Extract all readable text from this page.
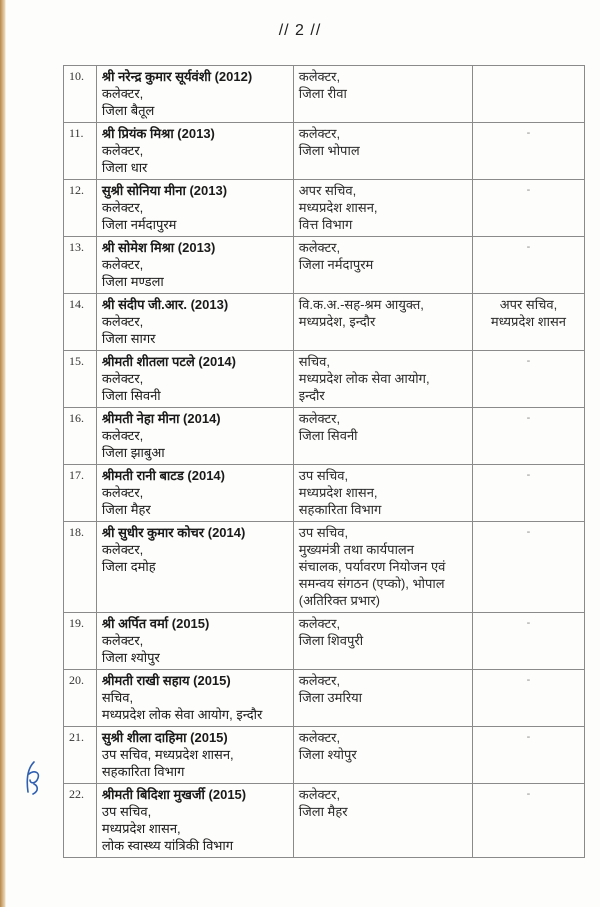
// 2 //
10.	श्री नरेन्द्र कुमार सूर्यवंशी (2012)
कलेक्टर,
जिला बैतूल	कलेक्टर,
जिला रीवा	

11.	श्री प्रियंक मिश्रा (2013)
कलेक्टर,
जिला धार	कलेक्टर,
जिला भोपाल	-

12.	सुश्री सोनिया मीना (2013)
कलेक्टर,
जिला नर्मदापुरम	अपर सचिव,
मध्यप्रदेश शासन,
वित्त विभाग	-

13.	श्री सोमेश मिश्रा (2013)
कलेक्टर,
जिला मण्डला	कलेक्टर,
जिला नर्मदापुरम	-

14.	श्री संदीप जी.आर. (2013)
कलेक्टर,
जिला सागर	वि.क.अ.-सह-श्रम आयुक्त,
मध्यप्रदेश, इन्दौर	अपर सचिव, मध्यप्रदेश शासन

15.	श्रीमती शीतला पटले (2014)
कलेक्टर,
जिला सिवनी	सचिव,
मध्यप्रदेश लोक सेवा आयोग,
इन्दौर	-

16.	श्रीमती नेहा मीना (2014)
कलेक्टर,
जिला झाबुआ	कलेक्टर,
जिला सिवनी	-

17.	श्रीमती रानी बाटड (2014)
कलेक्टर,
जिला मैहर	उप सचिव,
मध्यप्रदेश शासन,
सहकारिता विभाग	-

18.	श्री सुधीर कुमार कोचर (2014)
कलेक्टर,
जिला दमोह	उप सचिव,
मुख्यमंत्री तथा कार्यपालन
संचालक, पर्यावरण नियोजन एवं
समन्वय संगठन (एप्को), भोपाल
(अतिरिक्त प्रभार)	-

19.	श्री अर्पित वर्मा (2015)
कलेक्टर,
जिला श्योपुर	कलेक्टर,
जिला शिवपुरी	-

20.	श्रीमती राखी सहाय (2015)
सचिव,
मध्यप्रदेश लोक सेवा आयोग, इन्दौर	कलेक्टर,
जिला उमरिया	-

21.	सुश्री शीला दाहिमा (2015)
उप सचिव, मध्यप्रदेश शासन,
सहकारिता विभाग	कलेक्टर,
जिला श्योपुर	-

22.	श्रीमती बिदिशा मुखर्जी (2015)
उप सचिव,
मध्यप्रदेश शासन,
लोक स्वास्थ्य यांत्रिकी विभाग	कलेक्टर,
जिला मैहर	-
